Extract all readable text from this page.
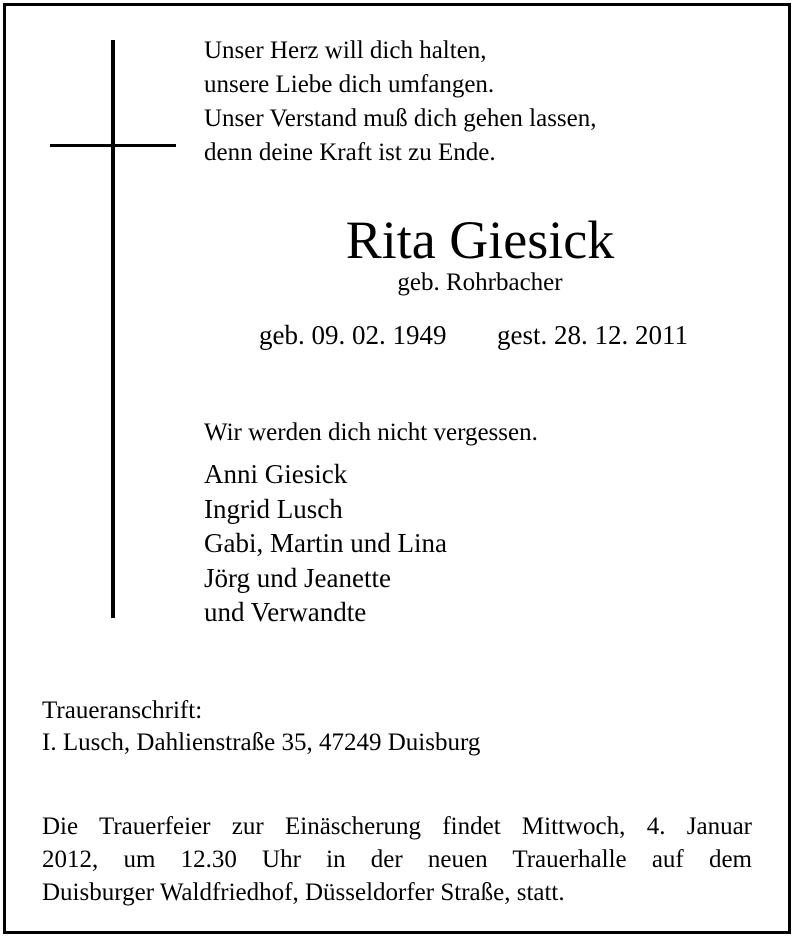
Unser Herz will dich halten,
unsere Liebe dich umfangen.
Unser Verstand muß dich gehen lassen,
denn deine Kraft ist zu Ende.
Rita Giesick
geb. Rohrbacher
geb. 09. 02. 1949 gest. 28. 12. 2011
Wir werden dich nicht vergessen.
Anni Giesick
Ingrid Lusch
Gabi, Martin und Lina
Jörg und Jeanette
und Verwandte
Traueranschrift:
I. Lusch, Dahlienstraße 35, 47249 Duisburg
Die Trauerfeier zur Einäscherung findet Mittwoch, 4. Januar
2012, um 12.30 Uhr in der neuen Trauerhalle auf dem
Duisburger Waldfriedhof, Düsseldorfer Straße, statt.
